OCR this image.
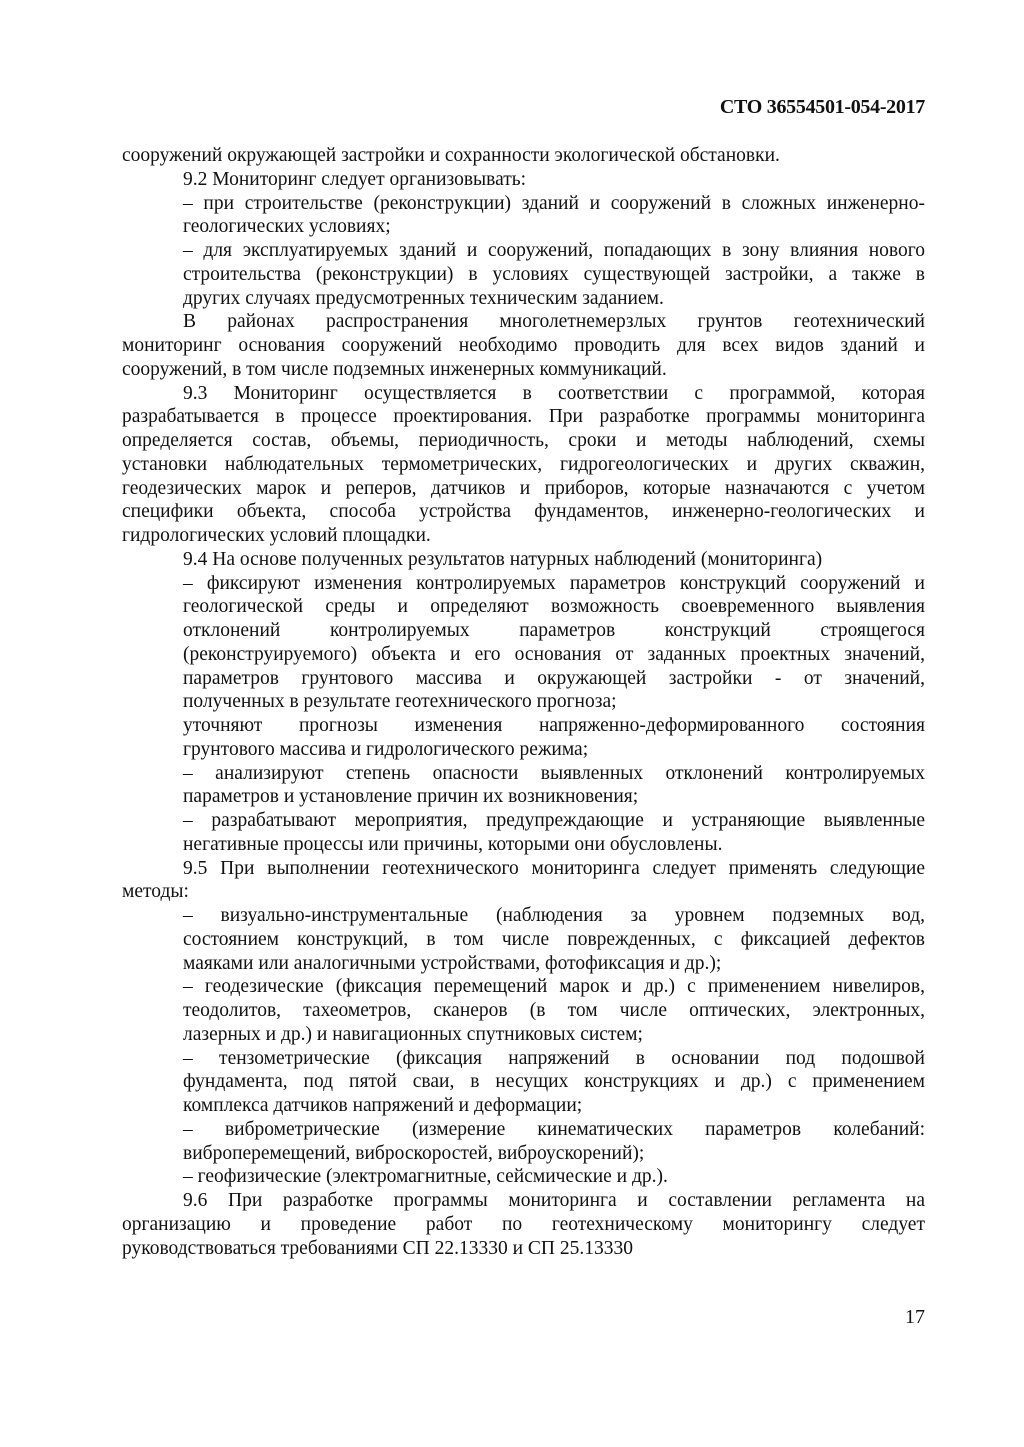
СТО 36554501-054-2017
сооружений окружающей застройки и сохранности экологической обстановки.
9.2 Мониторинг следует организовывать:
– при строительстве (реконструкции) зданий и сооружений в сложных инженерно-
геологических условиях;
– для эксплуатируемых зданий и сооружений, попадающих в зону влияния нового
строительства (реконструкции) в условиях существующей застройки, а также в
других случаях предусмотренных техническим заданием.
В районах распространения многолетнемерзлых грунтов геотехнический
мониторинг основания сооружений необходимо проводить для всех видов зданий и
сооружений, в том числе подземных инженерных коммуникаций.
9.3 Мониторинг осуществляется в соответствии с программой, которая
разрабатывается в процессе проектирования. При разработке программы мониторинга
определяется состав, объемы, периодичность, сроки и методы наблюдений, схемы
установки наблюдательных термометрических, гидрогеологических и других скважин,
геодезических марок и реперов, датчиков и приборов, которые назначаются с учетом
специфики объекта, способа устройства фундаментов, инженерно-геологических и
гидрологических условий площадки.
9.4 На основе полученных результатов натурных наблюдений (мониторинга)
– фиксируют изменения контролируемых параметров конструкций сооружений и
геологической среды и определяют возможность своевременного выявления
отклонений контролируемых параметров конструкций строящегося
(реконструируемого) объекта и его основания от заданных проектных значений,
параметров грунтового массива и окружающей застройки - от значений,
полученных в результате геотехнического прогноза;
уточняют прогнозы изменения напряженно-деформированного состояния
грунтового массива и гидрологического режима;
– анализируют степень опасности выявленных отклонений контролируемых
параметров и установление причин их возникновения;
– разрабатывают мероприятия, предупреждающие и устраняющие выявленные
негативные процессы или причины, которыми они обусловлены.
9.5 При выполнении геотехнического мониторинга следует применять следующие
методы:
– визуально-инструментальные (наблюдения за уровнем подземных вод,
состоянием конструкций, в том числе поврежденных, с фиксацией дефектов
маяками или аналогичными устройствами, фотофиксация и др.);
– геодезические (фиксация перемещений марок и др.) с применением нивелиров,
теодолитов, тахеометров, сканеров (в том числе оптических, электронных,
лазерных и др.) и навигационных спутниковых систем;
– тензометрические (фиксация напряжений в основании под подошвой
фундамента, под пятой сваи, в несущих конструкциях и др.) с применением
комплекса датчиков напряжений и деформации;
– виброметрические (измерение кинематических параметров колебаний:
виброперемещений, виброскоростей, виброускорений);
– геофизические (электромагнитные, сейсмические и др.).
9.6 При разработке программы мониторинга и составлении регламента на
организацию и проведение работ по геотехническому мониторингу следует
руководствоваться требованиями СП 22.13330 и СП 25.13330
17
